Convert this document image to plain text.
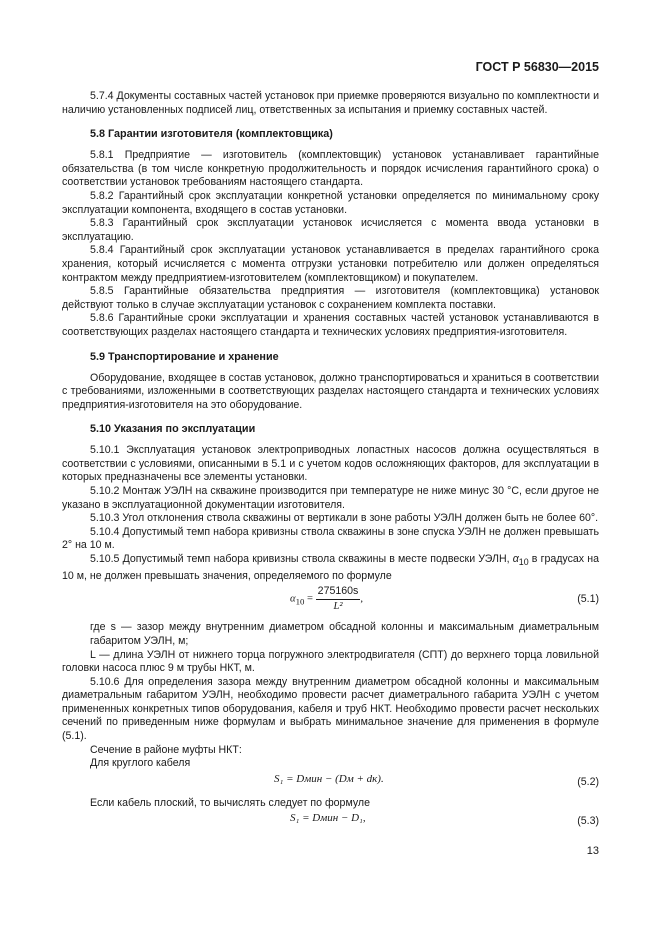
ГОСТ Р 56830—2015

5.7.4 Документы составных частей установок при приемке проверяются визуально по комплектности и наличию установленных подписей лиц, ответственных за испытания и приемку составных частей.

5.8 Гарантии изготовителя (комплектовщика)

5.8.1 Предприятие — изготовитель (комплектовщик) установок устанавливает гарантийные обязательства (в том числе конкретную продолжительность и порядок исчисления гарантийного срока) о соответствии установок требованиям настоящего стандарта.

5.8.2 Гарантийный срок эксплуатации конкретной установки определяется по минимальному сроку эксплуатации компонента, входящего в состав установки.

5.8.3 Гарантийный срок эксплуатации установок исчисляется с момента ввода установки в эксплуатацию.

5.8.4 Гарантийный срок эксплуатации установок устанавливается в пределах гарантийного срока хранения, который исчисляется с момента отгрузки установки потребителю или должен определяться контрактом между предприятием-изготовителем (комплектовщиком) и покупателем.

5.8.5 Гарантийные обязательства предприятия — изготовителя (комплектовщика) установок действуют только в случае эксплуатации установок с сохранением комплекта поставки.

5.8.6 Гарантийные сроки эксплуатации и хранения составных частей установок устанавливаются в соответствующих разделах настоящего стандарта и технических условиях предприятия-изготовителя.

5.9 Транспортирование и хранение

Оборудование, входящее в состав установок, должно транспортироваться и храниться в соответствии с требованиями, изложенными в соответствующих разделах настоящего стандарта и технических условиях предприятия-изготовителя на это оборудование.

5.10 Указания по эксплуатации

5.10.1 Эксплуатация установок электроприводных лопастных насосов должна осуществляться в соответствии с условиями, описанными в 5.1 и с учетом кодов осложняющих факторов, для эксплуатации в которых предназначены все элементы установки.

5.10.2 Монтаж УЭЛН на скважине производится при температуре не ниже минус 30 °С, если другое не указано в эксплуатационной документации изготовителя.

5.10.3 Угол отклонения ствола скважины от вертикали в зоне работы УЭЛН должен быть не более 60°.

5.10.4 Допустимый темп набора кривизны ствола скважины в зоне спуска УЭЛН не должен превышать 2° на 10 м.

5.10.5 Допустимый темп набора кривизны ствола скважины в месте подвески УЭЛН, $\alpha_{10}$ в градусах на 10 м, не должен превышать значения, определяемого по формуле

$\alpha_{10} = \frac{275160s}{\text{L²}}$ ,	(5.1)

где s — зазор между внутренним диаметром обсадной колонны и максимальным диаметральным габаритом УЭЛН, м;

L — длина УЭЛН от нижнего торца погружного электродвигателя (СПТ) до верхнего торца ловильной головки насоса плюс 9 м трубы НКТ, м.

5.10.6 Для определения зазора между внутренним диаметром обсадной колонны и максимальным диаметральным габаритом УЭЛН, необходимо провести расчет диаметрального габарита УЭЛН с учетом примененных конкретных типов оборудования, кабеля и труб НКТ. Необходимо провести расчет нескольких сечений по приведенным ниже формулам и выбрать минимальное значение для применения в формуле (5.1).

Сечение в районе муфты НКТ:

Для круглого кабеля

S₁ = Dмин − (Dм + dк).	(5.2)

Если кабель плоский, то вычислять следует по формуле

S₁ = Dмин − D₁,	(5.3)
13
